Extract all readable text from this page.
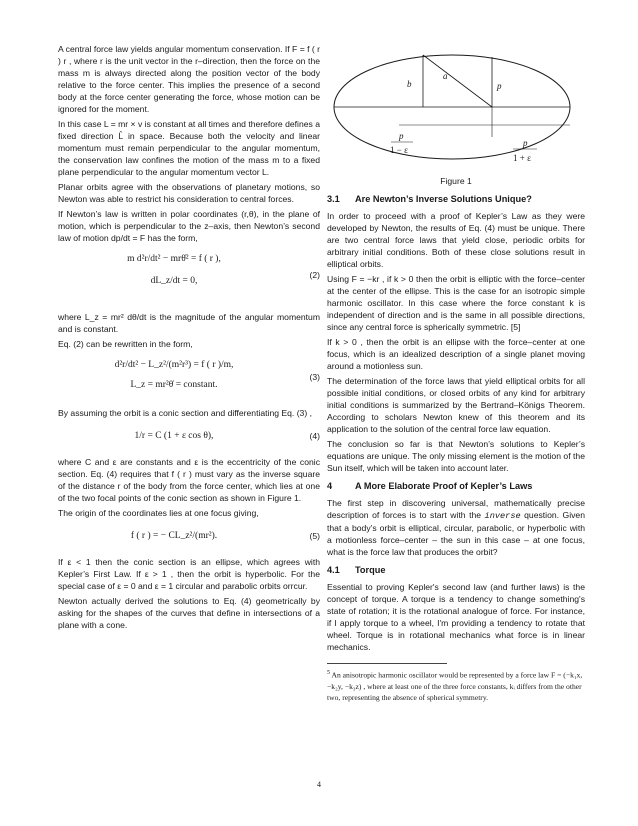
A central force law yields angular momentum conservation. If F = f ( r ) r , where r is the unit vector in the r–direction, then the force on the mass m is always directed along the position vector of the body relative to the force center. This implies the presence of a second body at the force center generating the force, whose motion can be ignored for the moment.

In this case L = mr × v is constant at all times and therefore defines a fixed direction L̂ in space. Because both the velocity and linear momentum must remain perpendicular to the angular momentum, the conservation law confines the motion of the mass m to a fixed plane perpendicular to the angular momentum vector L.

Planar orbits agree with the observations of planetary motions, so Newton was able to restrict his consideration to central forces.

If Newton’s law is written in polar coordinates (r,θ), in the plane of motion, which is perpendicular to the z–axis, then Newton’s second law of motion dp/dt = F has the form,

m d²r/dt² − mrθ̇² = f ( r ),
dL_z/dt = 0,
(2)

where L_z = mr² dθ/dt is the magnitude of the angular momentum and is constant.

Eq. (2) can be rewritten in the form,

d²r/dt² − L_z²/(m²r³) = f ( r )/m,
L_z = mr²θ̇ = constant.
(3)

By assuming the orbit is a conic section and differentiating Eq. (3) ,

1/r = C (1 + ε cos θ),	(4)

where C and ε are constants and ε is the eccentricity of the conic section. Eq. (4) requires that f ( r ) must vary as the inverse square of the distance r of the body from the force center, which lies at one of the two focal points of the conic section as shown in Figure 1.

The origin of the coordinates lies at one focus giving,

f ( r ) = − CL_z²/(mr²).	(5)

If ε < 1 then the conic section is an ellipse, which agrees with Kepler’s First Law. If ε > 1 , then the orbit is hyperbolic. For the special case of ε = 0 and ε = 1 circular and parabolic orbits orrcur.

Newton actually derived the solutions to Eq. (4) geometrically by asking for the shapes of the curves that define in intersections of a plane with a cone.

b
a
p
p
1 − ε
p
1 + ε
Figure 1
3.1 Are Newton’s Inverse Solutions Unique?

In order to proceed with a proof of Kepler’s Law as they were developed by Newton, the results of Eq. (4) must be unique. There are two central force laws that yield close, periodic orbits for arbitrary initial conditions. Both of these close solutions result in elliptical orbits.

Using F = −kr , if k > 0 then the orbit is elliptic with the force–center at the center of the ellipse. This is the case for an isotropic simple harmonic oscillator. In this case where the force constant k is independent of direction and is the same in all possible directions, since any central force is spherically symmetric. [5]

If k > 0 , then the orbit is an ellipse with the force–center at one focus, which is an idealized description of a single planet moving around a motionless sun.

The determination of the force laws that yield elliptical orbits for all possible initial conditions, or closed orbits of any kind for arbitrary initial conditions is summarized by the Bertrand–Königs Theorem. According to scholars Newton knew of this theorem and its application to the solution of the central force law equation.

The conclusion so far is that Newton’s solutions to Kepler’s equations are unique. The only missing element is the motion of the Sun itself, which will be taken into account later.

4 A More Elaborate Proof of Kepler’s Laws

The first step in discovering universal, mathematically precise description of forces is to start with the inverse question. Given that a body’s orbit is elliptical, circular, parabolic, or hyperbolic with a motionless force–center – the sun in this case – at one focus, what is the force law that produces the orbit?

4.1 Torque

Essential to proving Kepler's second law (and further laws) is the concept of torque. A torque is a tendency to change something's state of rotation; it is the rotational analogue of force. For instance, if I apply torque to a wheel, I'm providing a tendency to rotate that wheel. Torque is in rotational mechanics what force is in linear mechanics.

$^5$ An anisotropic harmonic oscillator would be represented by a force law F = (−k₁x, −k₂y, −k₃z) , where at least one of the three force constants, kᵢ differs from the other two, representing the absence of spherical symmetry.
4
